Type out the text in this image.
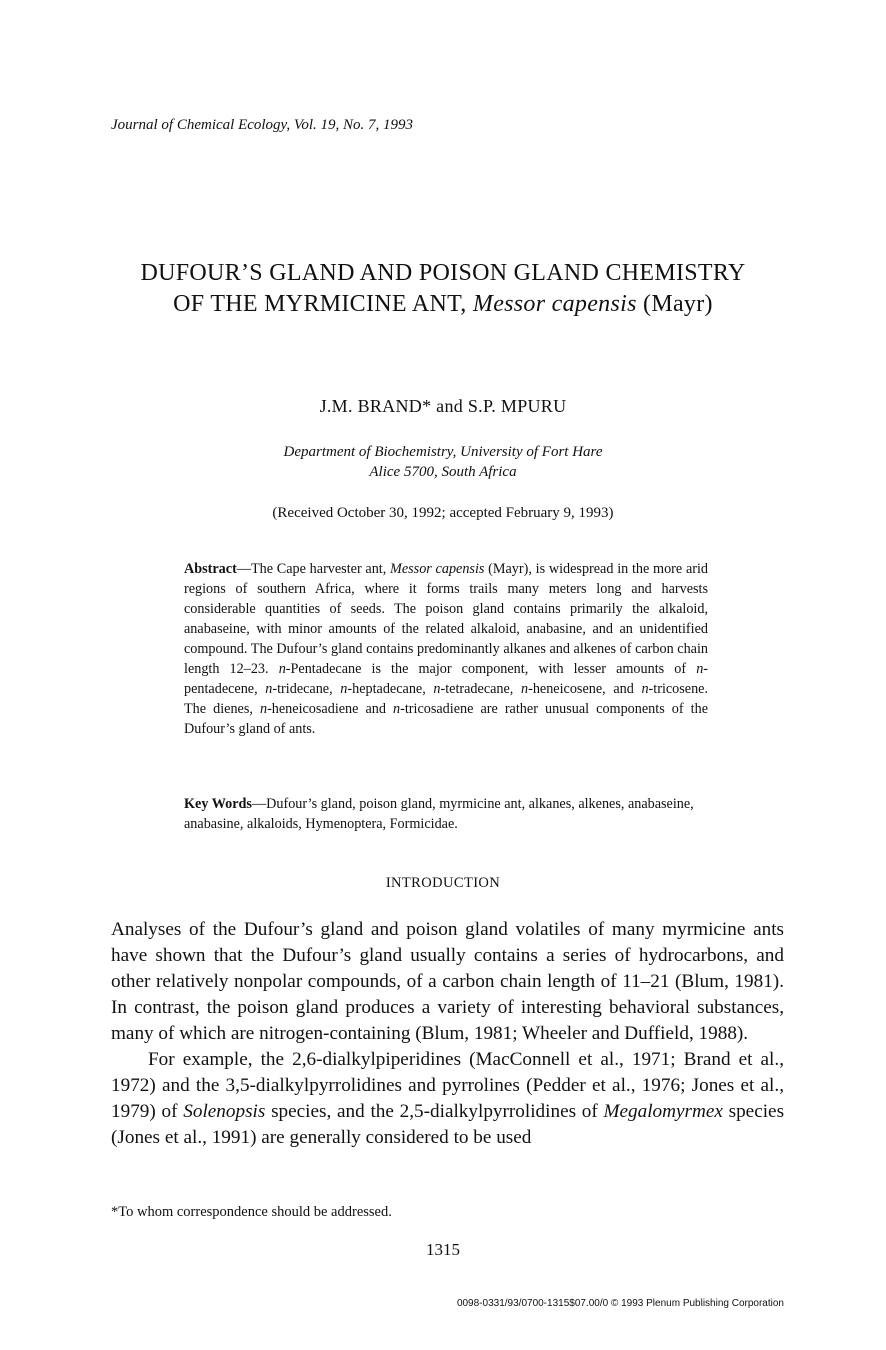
Journal of Chemical Ecology, Vol. 19, No. 7, 1993
DUFOUR’S GLAND AND POISON GLAND CHEMISTRY
OF THE MYRMICINE ANT, Messor capensis (Mayr)
J.M. BRAND* and S.P. MPURU
Department of Biochemistry, University of Fort Hare
Alice 5700, South Africa
(Received October 30, 1992; accepted February 9, 1993)
Abstract—The Cape harvester ant, Messor capensis (Mayr), is widespread in the more arid regions of southern Africa, where it forms trails many meters long and harvests considerable quantities of seeds. The poison gland contains primarily the alkaloid, anabaseine, with minor amounts of the related alkaloid, anabasine, and an unidentified compound. The Dufour’s gland contains predominantly alkanes and alkenes of carbon chain length 12–23. n-Pentadecane is the major component, with lesser amounts of n-pentadecene, n-tridecane, n-heptadecane, n-tetradecane, n-heneicosene, and n-tricosene. The dienes, n-heneicosadiene and n-tricosadiene are rather unusual components of the Dufour’s gland of ants.
Key Words—Dufour’s gland, poison gland, myrmicine ant, alkanes, alkenes, anabaseine, anabasine, alkaloids, Hymenoptera, Formicidae.
INTRODUCTION

Analyses of the Dufour’s gland and poison gland volatiles of many myrmicine ants have shown that the Dufour’s gland usually contains a series of hydrocarbons, and other relatively nonpolar compounds, of a carbon chain length of 11–21 (Blum, 1981). In contrast, the poison gland produces a variety of interesting behavioral substances, many of which are nitrogen-containing (Blum, 1981; Wheeler and Duffield, 1988).

For example, the 2,6-dialkylpiperidines (MacConnell et al., 1971; Brand et al., 1972) and the 3,5-dialkylpyrrolidines and pyrrolines (Pedder et al., 1976; Jones et al., 1979) of Solenopsis species, and the 2,5-dialkylpyrrolidines of Megalomyrmex species (Jones et al., 1991) are generally considered to be used

*To whom correspondence should be addressed.
1315
0098-0331/93/0700-1315$07.00/0 © 1993 Plenum Publishing Corporation
